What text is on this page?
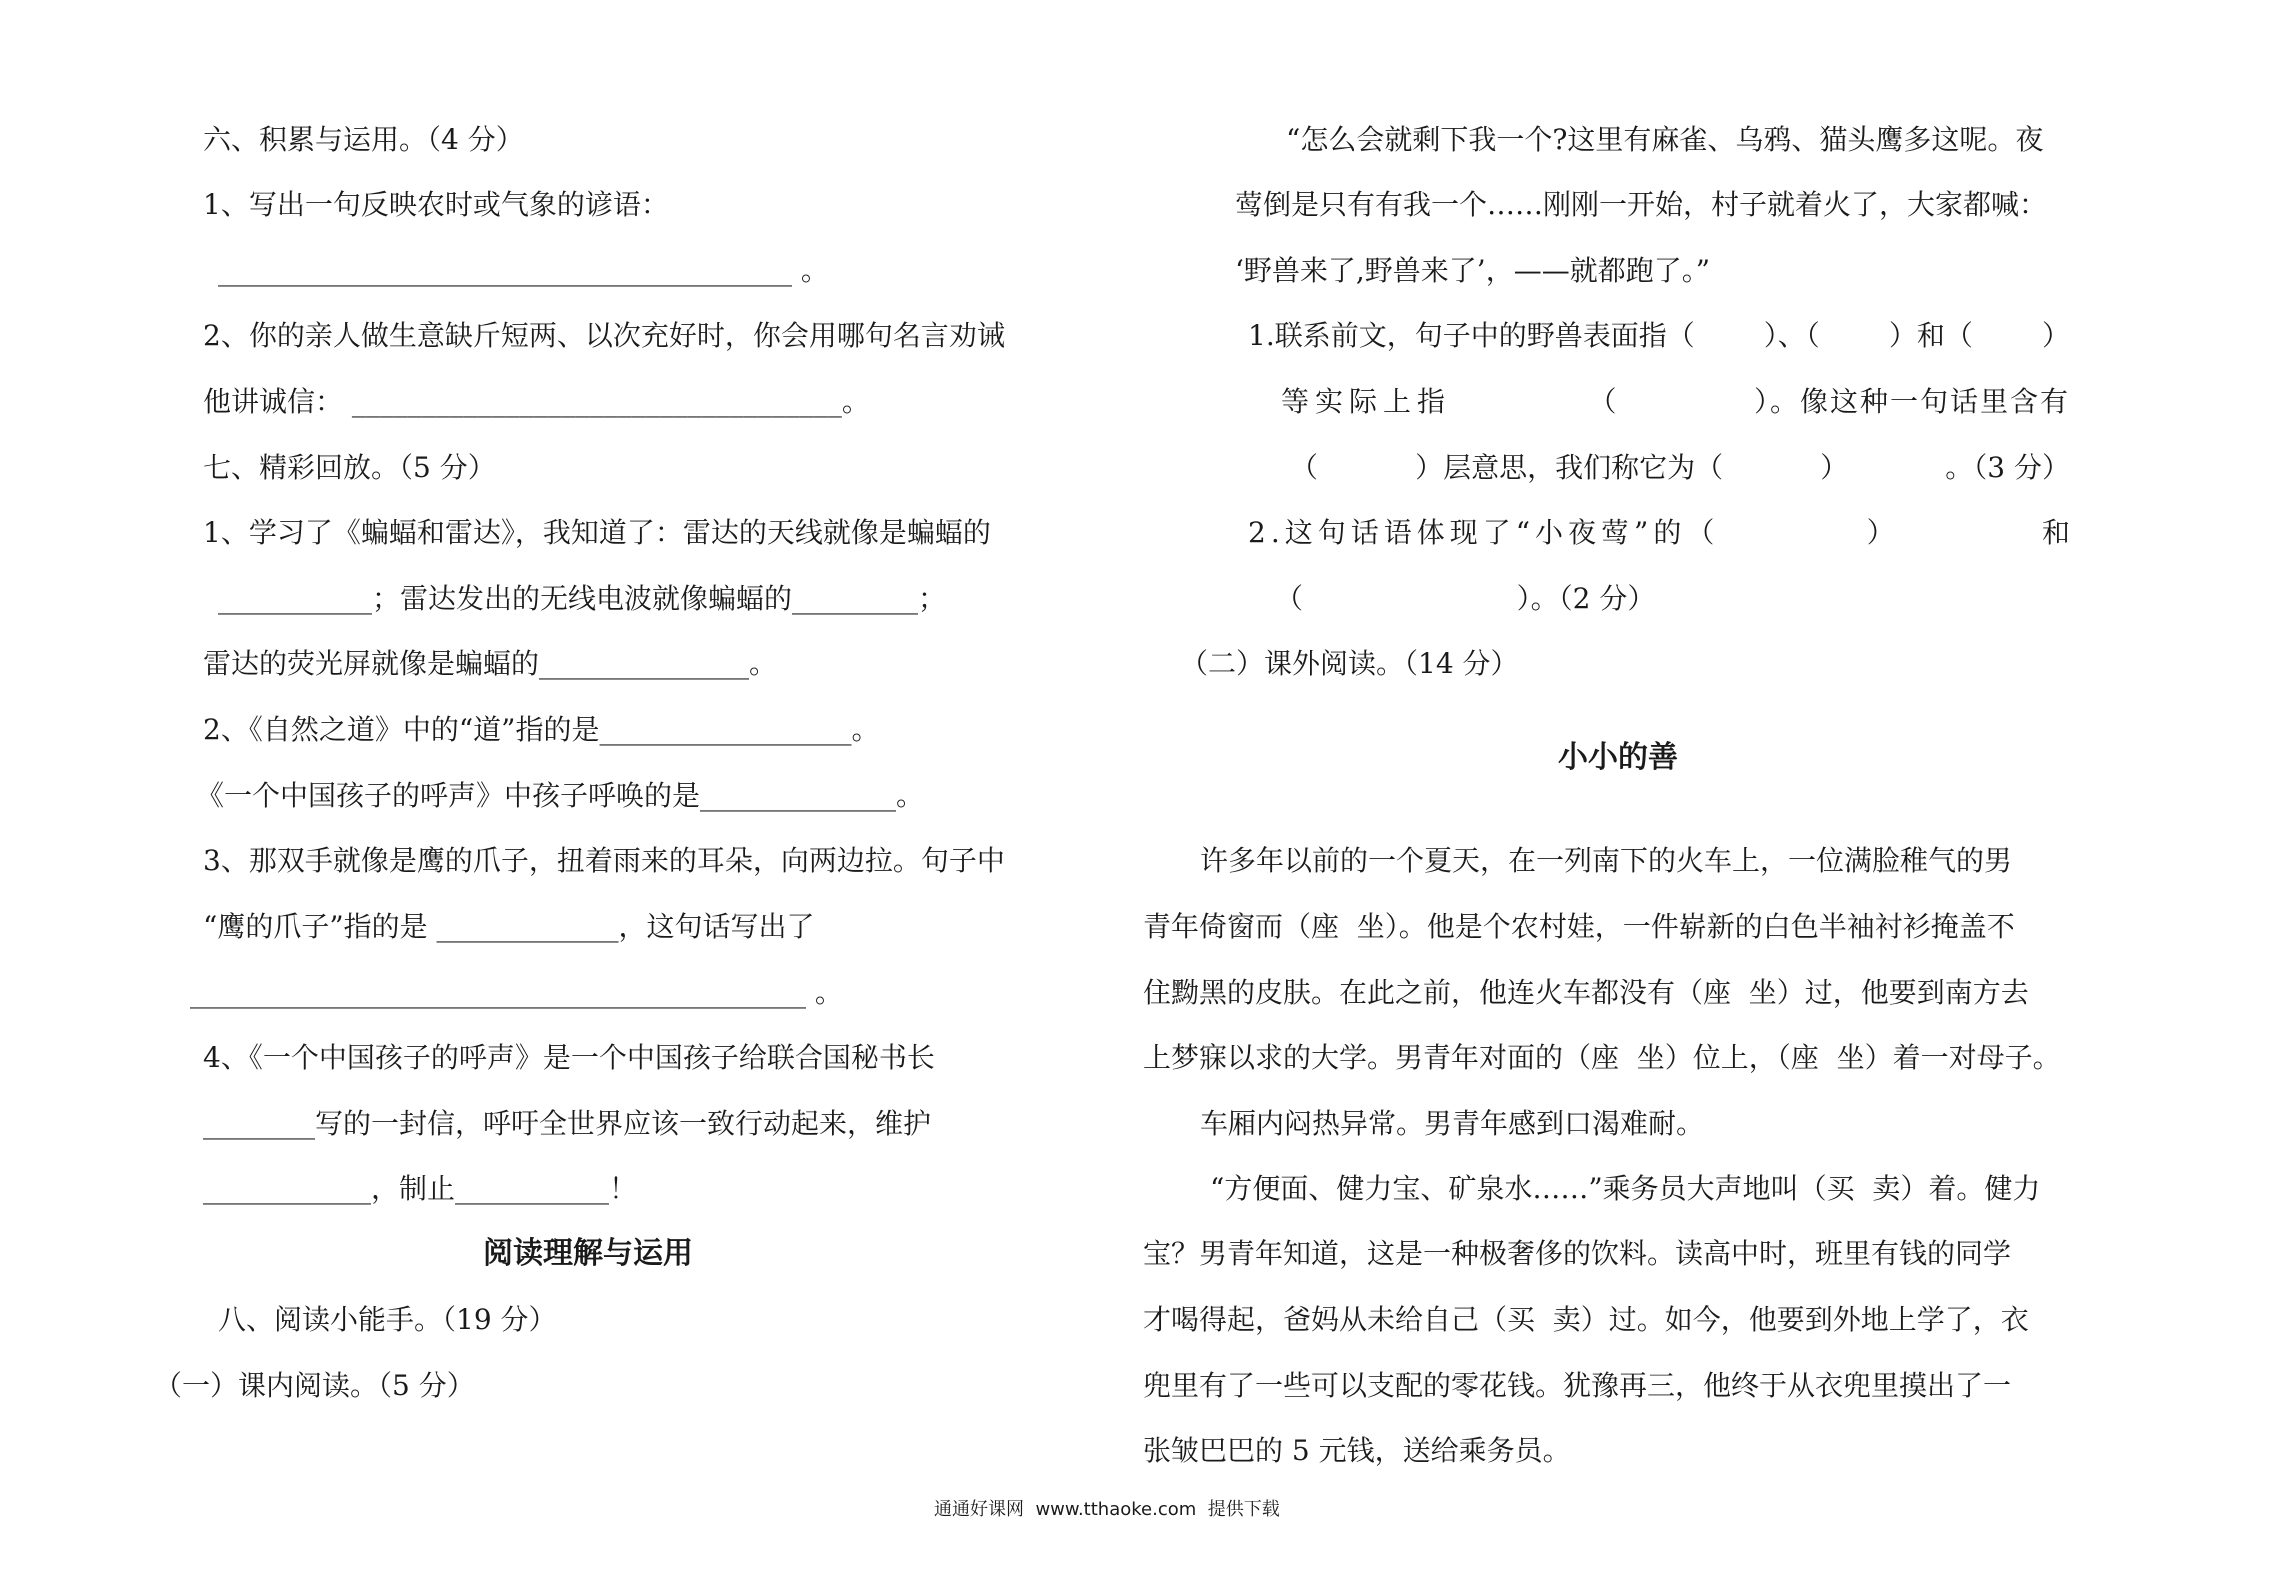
六、积累与运用。（4 分）

1、写出一句反映农时或气象的谚语：

_________________________________________ 。

2、你的亲人做生意缺斤短两、以次充好时，你会用哪句名言劝诫

他讲诚信： ___________________________________。

七、精彩回放。（5 分）

1、学习了《蝙蝠和雷达》，我知道了：雷达的天线就像是蝙蝠的

___________；雷达发出的无线电波就像蝙蝠的_________；

雷达的荧光屏就像是蝙蝠的_______________。

2、《自然之道》中的“道”指的是__________________。

《一个中国孩子的呼声》中孩子呼唤的是______________。

3、那双手就像是鹰的爪子，扭着雨来的耳朵，向两边拉。句子中

“鹰的爪子”指的是 _____________，这句话写出了

____________________________________________ 。

4、《一个中国孩子的呼声》是一个中国孩子给联合国秘书长

________写的一封信，呼吁全世界应该一致行动起来，维护

____________，制止___________！

阅读理解与运用

八、阅读小能手。（19 分）

（一）课内阅读。（5 分）

“怎么会就剩下我一个?这里有麻雀、乌鸦、猫头鹰多这呢。夜

莺倒是只有有我一个……刚刚一开始，村子就着火了，大家都喊：

‘野兽来了,野兽来了’，——就都跑了。”

1.联系前文，句子中的野兽表面指（ ）、（ ）和（ ）
等实际上指	（	）。像这种一句话里含有
（	）层意思，我们称它为（	）	。（3 分）
2.这句话语体现了“小夜莺”的（	）	和

（                        ）。（2 分）

（二）课外阅读。（14 分）

小小的善

许多年以前的一个夏天，在一列南下的火车上，一位满脸稚气的男

青年倚窗而（座  坐）。他是个农村娃，一件崭新的白色半袖衬衫掩盖不

住黝黑的皮肤。在此之前，他连火车都没有（座  坐）过，他要到南方去

上梦寐以求的大学。男青年对面的（座  坐）位上，（座  坐）着一对母子。

车厢内闷热异常。男青年感到口渴难耐。

“方便面、健力宝、矿泉水……”乘务员大声地叫（买  卖）着。健力

宝？男青年知道，这是一种极奢侈的饮料。读高中时，班里有钱的同学

才喝得起，爸妈从未给自己（买  卖）过。如今，他要到外地上学了，衣

兜里有了一些可以支配的零花钱。犹豫再三，他终于从衣兜里摸出了一

张皱巴巴的 5 元钱，送给乘务员。

通通好课网  www.tthaoke.com  提供下载
